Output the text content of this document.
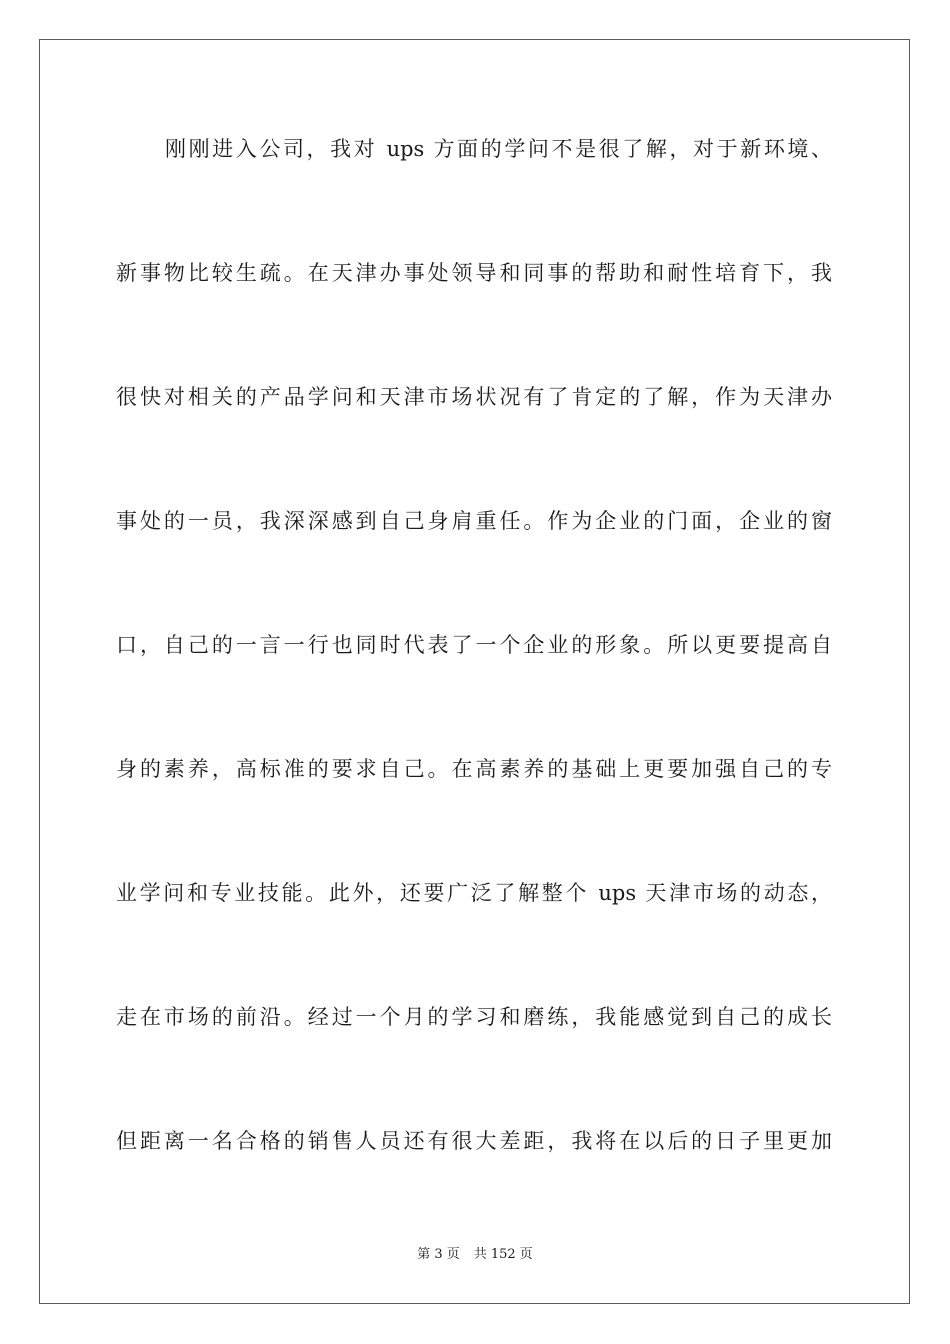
刚刚进入公司，我对 ups 方面的学问不是很了解，对于新环境、
新事物比较生疏。在天津办事处领导和同事的帮助和耐性培育下，我
很快对相关的产品学问和天津市场状况有了肯定的了解，作为天津办
事处的一员，我深深感到自己身肩重任。作为企业的门面，企业的窗
口，自己的一言一行也同时代表了一个企业的形象。所以更要提高自
身的素养，高标准的要求自己。在高素养的基础上更要加强自己的专
业学问和专业技能。此外，还要广泛了解整个 ups 天津市场的动态，
走在市场的前沿。经过一个月的学习和磨练，我能感觉到自己的成长
但距离一名合格的销售人员还有很大差距，我将在以后的日子里更加
第 3 页 共 152 页
